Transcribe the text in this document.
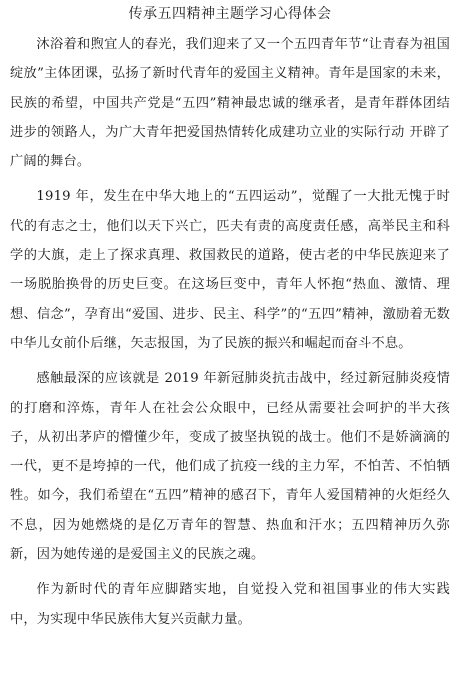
传承五四精神主题学习心得体会

沐浴着和煦宜人的春光，我们迎来了又一个五四青年节“让青春为祖国绽放”主体团课，弘扬了新时代青年的爱国主义精神。青年是国家的未来，民族的希望，中国共产党是“五四”精神最忠诚的继承者，是青年群体团结进步的领路人，为广大青年把爱国热情转化成建功立业的实际行动 开辟了广阔的舞台。

1919 年，发生在中华大地上的“五四运动”，觉醒了一大批无愧于时代的有志之士，他们以天下兴亡，匹夫有责的高度责任感，高举民主和科学的大旗，走上了探求真理、救国救民的道路，使古老的中华民族迎来了一场脱胎换骨的历史巨变。在这场巨变中，青年人怀抱“热血、激情、理想、信念”，孕育出“爱国、进步、民主、科学”的“五四”精神，激励着无数中华儿女前仆后继，矢志报国，为了民族的振兴和崛起而奋斗不息。

感触最深的应该就是 2019 年新冠肺炎抗击战中，经过新冠肺炎疫情的打磨和淬炼，青年人在社会公众眼中，已经从需要社会呵护的半大孩子，从初出茅庐的懵懂少年，变成了披坚执锐的战士。他们不是娇滴滴的一代，更不是垮掉的一代，他们成了抗疫一线的主力军，不怕苦、不怕牺牲。如今，我们希望在“五四”精神的感召下，青年人爱国精神的火炬经久不息，因为她燃烧的是亿万青年的智慧、热血和汗水；五四精神历久弥新，因为她传递的是爱国主义的民族之魂。

作为新时代的青年应脚踏实地，自觉投入党和祖国事业的伟大实践中，为实现中华民族伟大复兴贡献力量。
